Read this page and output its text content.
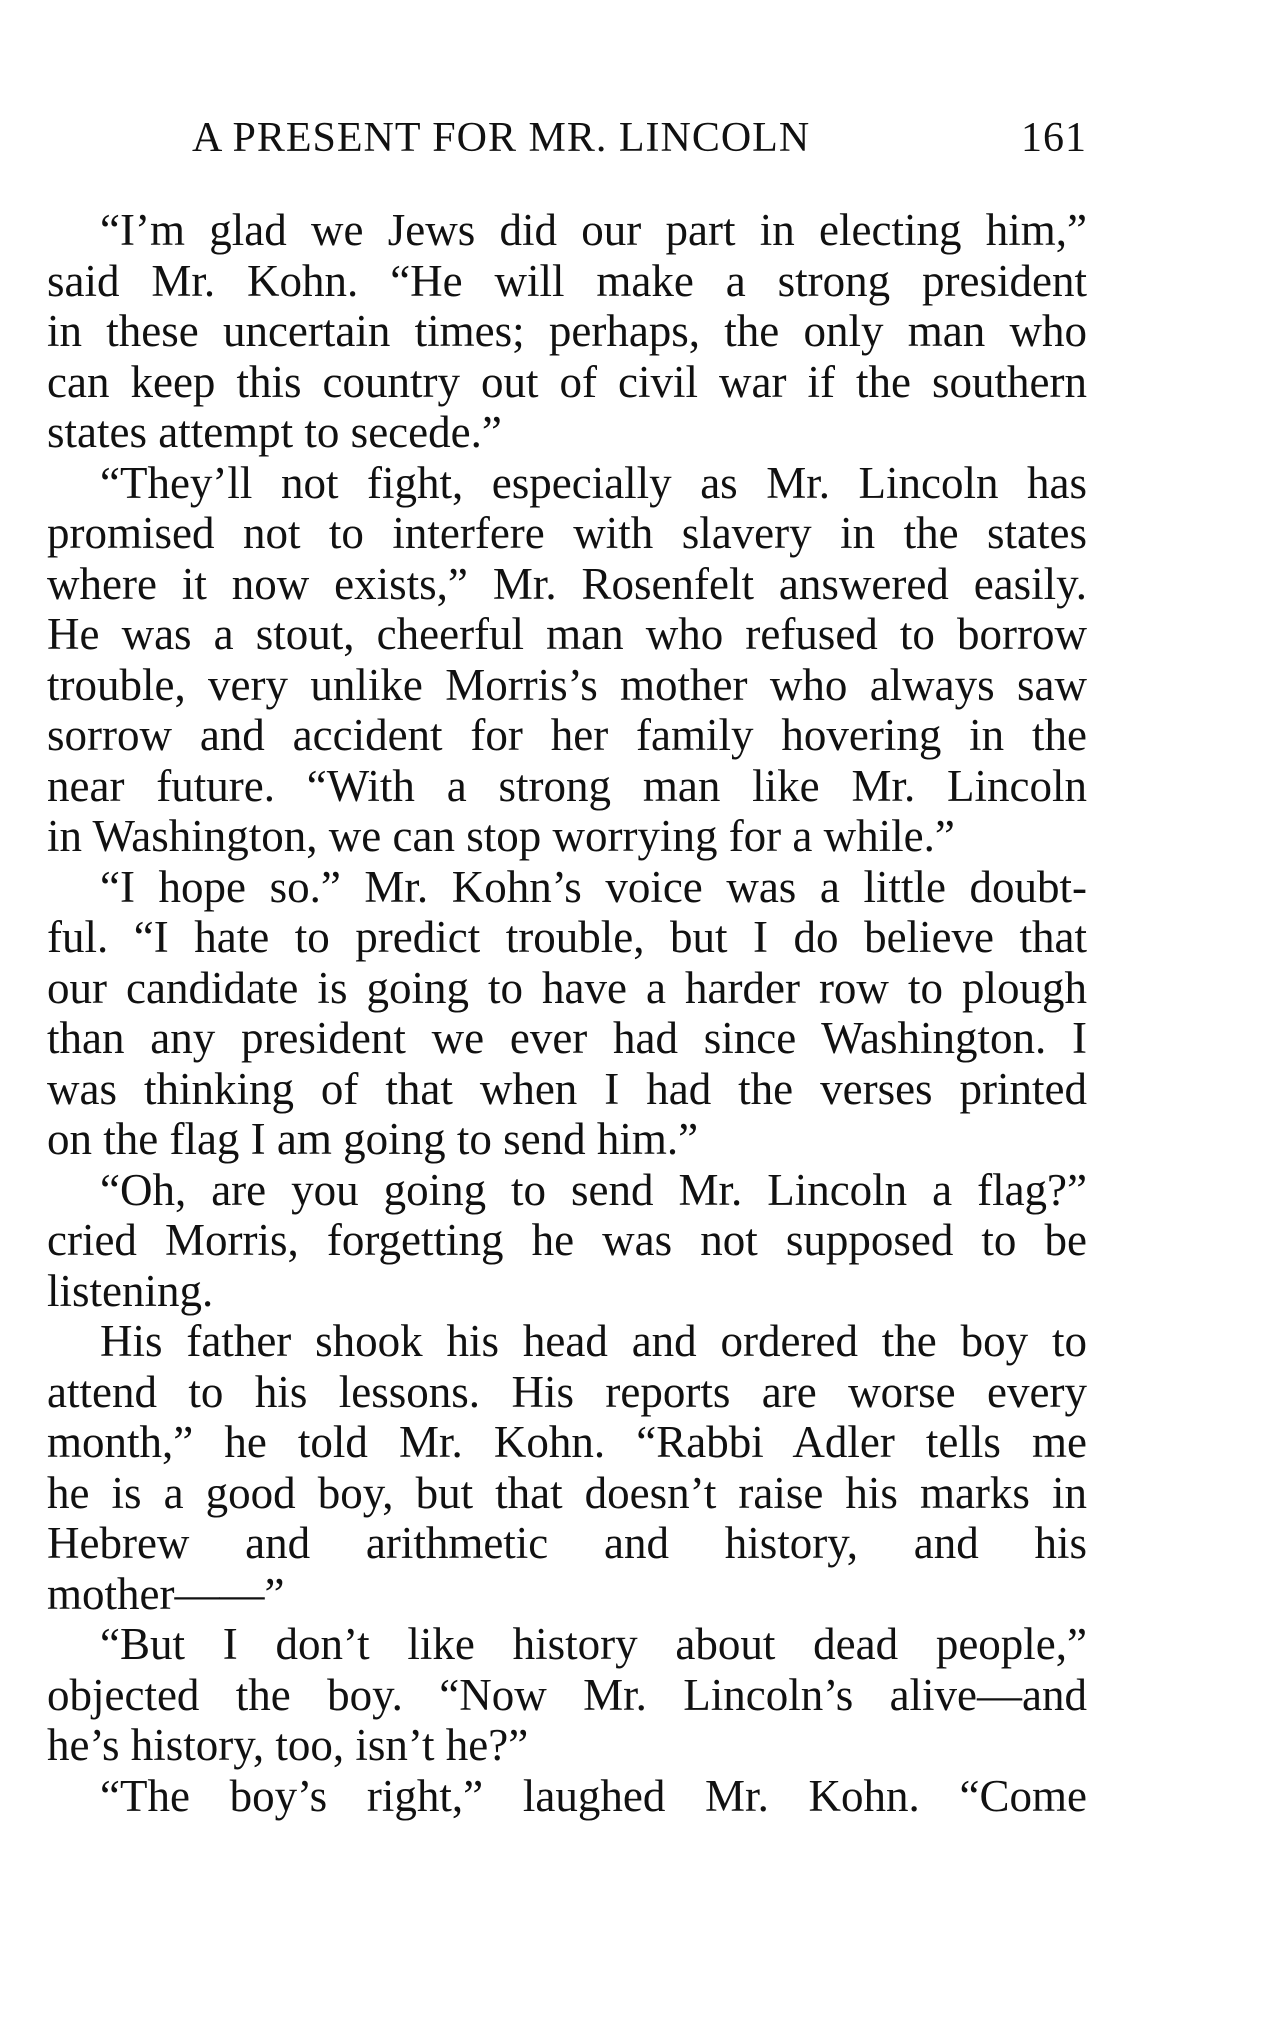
A PRESENT FOR MR. LINCOLN	161
“I’m glad we Jews did our part in electing him,”
said Mr. Kohn. “He will make a strong president
in these uncertain times; perhaps, the only man who
can keep this country out of civil war if the southern
states attempt to secede.”
“They’ll not fight, especially as Mr. Lincoln has
promised not to interfere with slavery in the states
where it now exists,” Mr. Rosenfelt answered easily.
He was a stout, cheerful man who refused to borrow
trouble, very unlike Morris’s mother who always saw
sorrow and accident for her family hovering in the
near future. “With a strong man like Mr. Lincoln
in Washington, we can stop worrying for a while.”
“I hope so.” Mr. Kohn’s voice was a little doubt-
ful. “I hate to predict trouble, but I do believe that
our candidate is going to have a harder row to plough
than any president we ever had since Washington. I
was thinking of that when I had the verses printed
on the flag I am going to send him.”
“Oh, are you going to send Mr. Lincoln a flag?”
cried Morris, forgetting he was not supposed to be
listening.
His father shook his head and ordered the boy to
attend to his lessons. His reports are worse every
month,” he told Mr. Kohn. “Rabbi Adler tells me
he is a good boy, but that doesn’t raise his marks in
Hebrew and arithmetic and history, and his
mother——”
“But I don’t like history about dead people,”
objected the boy. “Now Mr. Lincoln’s alive—and
he’s history, too, isn’t he?”
“The boy’s right,” laughed Mr. Kohn. “Come
